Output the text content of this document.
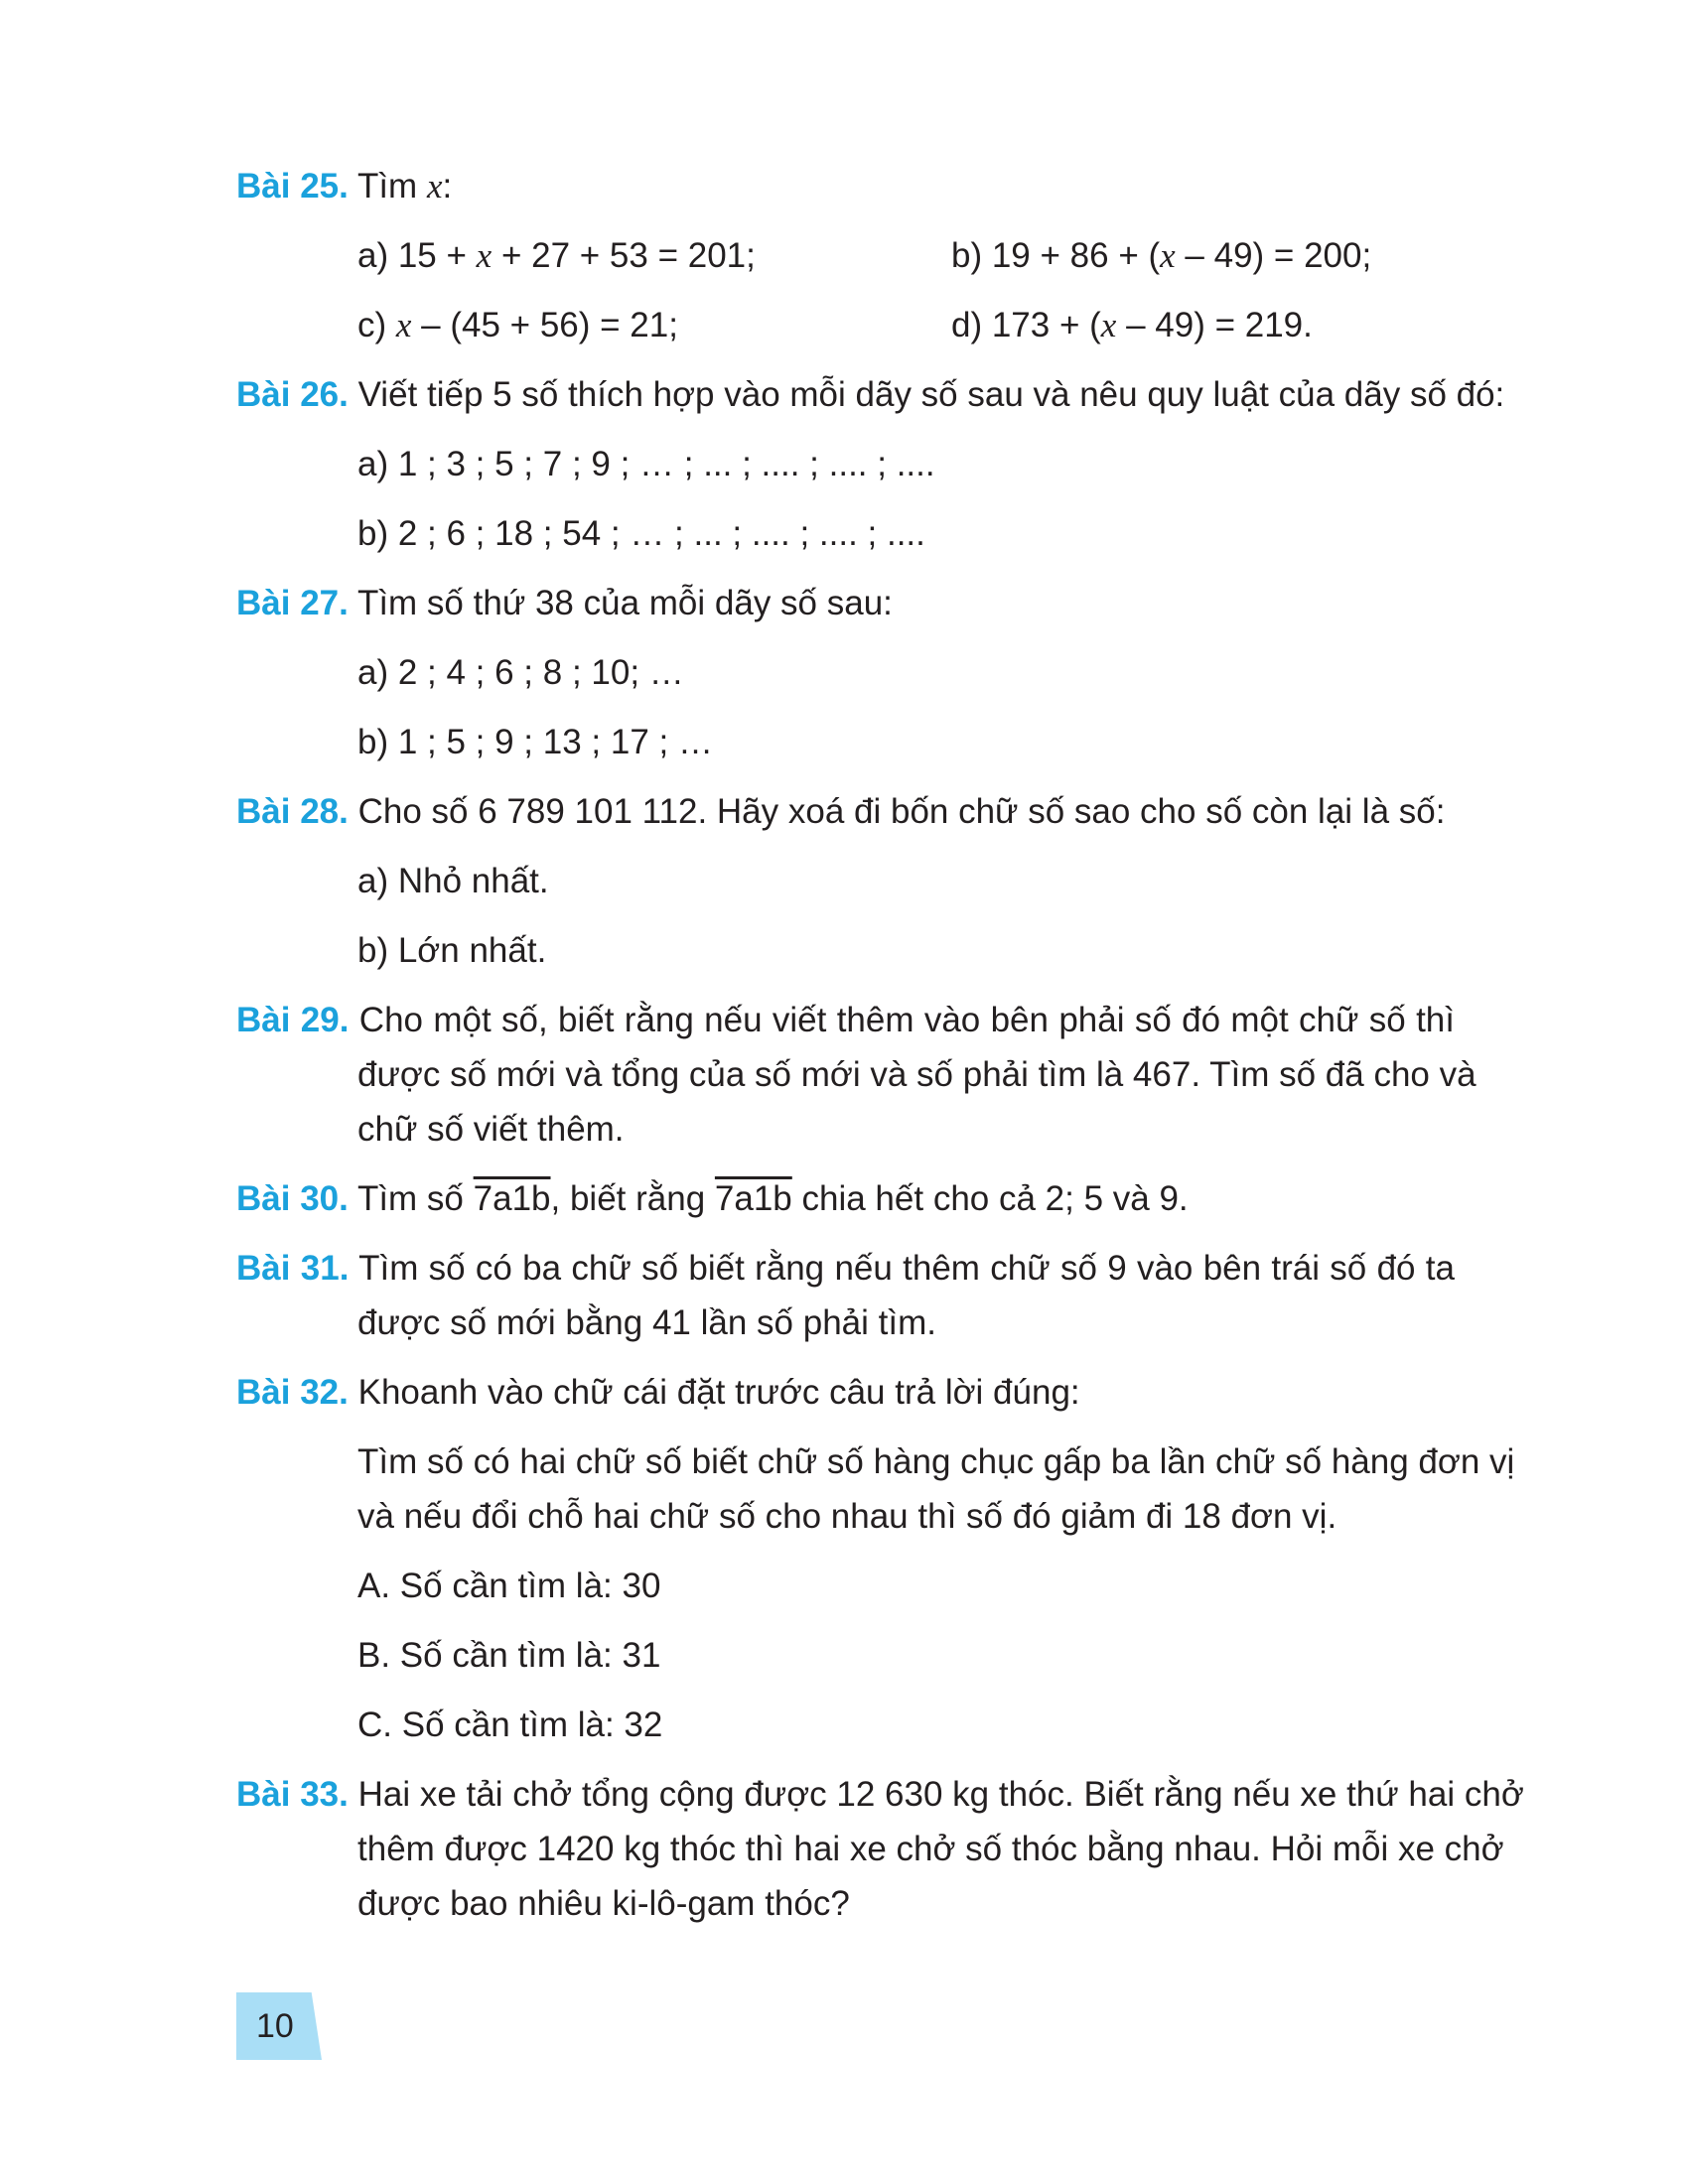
Bài 25. Tìm x:
a) 15 + x + 27 + 53 = 201;	b) 19 + 86 + (x – 49) = 200;
c) x – (45 + 56) = 21;	d) 173 + (x – 49) = 219.
Bài 26. Viết tiếp 5 số thích hợp vào mỗi dãy số sau và nêu quy luật của dãy số đó:
a) 1 ; 3 ; 5 ; 7 ; 9 ; … ; ... ; .... ; .... ; ....
b) 2 ; 6 ; 18 ; 54 ; … ; ... ; .... ; .... ; ....
Bài 27. Tìm số thứ 38 của mỗi dãy số sau:
a) 2 ; 4 ; 6 ; 8 ; 10; …
b) 1 ; 5 ; 9 ; 13 ; 17 ; …
Bài 28. Cho số 6 789 101 112. Hãy xoá đi bốn chữ số sao cho số còn lại là số:
a) Nhỏ nhất.
b) Lớn nhất.
Bài 29. Cho một số, biết rằng nếu viết thêm vào bên phải số đó một chữ số thì
được số mới và tổng của số mới và số phải tìm là 467. Tìm số đã cho và
chữ số viết thêm.
Bài 30. Tìm số 7a1b, biết rằng 7a1b chia hết cho cả 2; 5 và 9.
Bài 31. Tìm số có ba chữ số biết rằng nếu thêm chữ số 9 vào bên trái số đó ta
được số mới bằng 41 lần số phải tìm.
Bài 32. Khoanh vào chữ cái đặt trước câu trả lời đúng:
Tìm số có hai chữ số biết chữ số hàng chục gấp ba lần chữ số hàng đơn vị
và nếu đổi chỗ hai chữ số cho nhau thì số đó giảm đi 18 đơn vị.
A. Số cần tìm là: 30
B. Số cần tìm là: 31
C. Số cần tìm là: 32
Bài 33. Hai xe tải chở tổng cộng được 12 630 kg thóc. Biết rằng nếu xe thứ hai chở
thêm được 1420 kg thóc thì hai xe chở số thóc bằng nhau. Hỏi mỗi xe chở
được bao nhiêu ki-lô-gam thóc?
10
